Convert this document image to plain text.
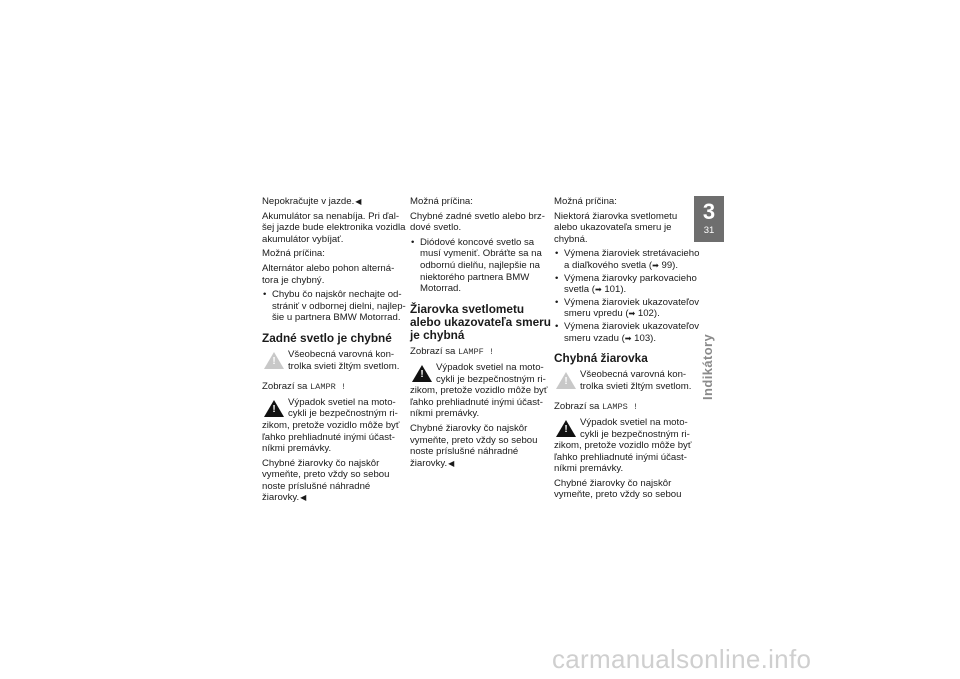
Nepokračujte v jazde. ◀

Akumulátor sa nenabíja. Pri ďal-šej jazde bude elektronika vozidla akumulátor vybíjať.

Možná príčina:

Alternátor alebo pohon alterná-tora je chybný.

• Chybu čo najskôr nechajte od-strániť v odbornej dielni, najlep-šie u partnera BMW Motorrad.
Zadné svetlo je chybné
!
Všeobecná varovná kon-trolka svieti žltým svetlom.

Zobrazí sa LAMPR !

!
Výpadok svetiel na moto-cykli je bezpečnostným ri-
zikom, pretože vozidlo môže byť ľahko prehliadnuté inými účast-níkmi premávky.

Chybné žiarovky čo najskôr vymeňte, preto vždy so sebou noste príslušné náhradné žiarovky. ◀

Možná príčina:

Chybné zadné svetlo alebo brz-dové svetlo.

• Diódové koncové svetlo sa musí vymeniť. Obráťte sa na odbornú dielňu, najlepšie na niektorého partnera BMW Motorrad.
Žiarovka svetlometu alebo ukazovateľa smeru je chybná

Zobrazí sa LAMPF !

!
Výpadok svetiel na moto-cykli je bezpečnostným ri-
zikom, pretože vozidlo môže byť ľahko prehliadnuté inými účast-níkmi premávky.

Chybné žiarovky čo najskôr vymeňte, preto vždy so sebou noste príslušné náhradné žiarovky. ◀

Možná príčina:

Niektorá žiarovka svetlometu alebo ukazovateľa smeru je chybná.

• Výmena žiaroviek stretávacieho a diaľkového svetla (➡ 99).
• Výmena žiarovky parkovacieho svetla (➡ 101).
• Výmena žiaroviek ukazovateľov smeru vpredu (➡ 102).
• Výmena žiaroviek ukazovateľov smeru vzadu (➡ 103).
Chybná žiarovka
!
Všeobecná varovná kon-trolka svieti žltým svetlom.

Zobrazí sa LAMPS !

!
Výpadok svetiel na moto-cykli je bezpečnostným ri-
zikom, pretože vozidlo môže byť ľahko prehliadnuté inými účast-níkmi premávky.

Chybné žiarovky čo najskôr vymeňte, preto vždy so sebou

3
31
Indikátory
carmanualsonline.info
